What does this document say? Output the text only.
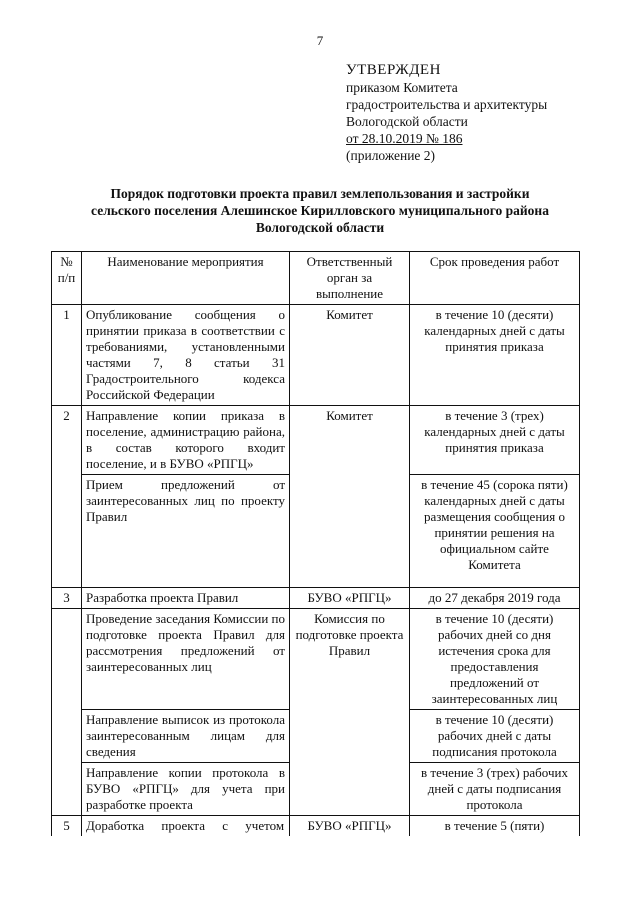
7
УТВЕРЖДЕН
приказом Комитета
градостроительства и архитектуры
Вологодской области
от 28.10.2019 № 186
(приложение 2)
Порядок подготовки проекта правил землепользования и застройки
сельского поселения Алешинское Кирилловского муниципального района
Вологодской области
№ п/п	Наименование мероприятия	Ответственный орган за выполнение	Срок проведения работ
1	Опубликование сообщения о принятии приказа в соответствии с требованиями, установленными частями 7, 8 статьи 31 Градостроительного кодекса Российской Федерации	Комитет	в течение 10 (десяти) календарных дней с даты принятия приказа
2	Направление копии приказа в поселение, администрацию района, в состав которого входит поселение, и в БУВО «РПГЦ»	Комитет	в течение 3 (трех) календарных дней с даты принятия приказа
	Прием предложений от заинтересованных лиц по проекту Правил		в течение 45 (сорока пяти) календарных дней с даты размещения сообщения о принятии решения на официальном сайте Комитета
3	Разработка проекта Правил	БУВО «РПГЦ»	до 27 декабря 2019 года
	Проведение заседания Комиссии по подготовке проекта Правил для рассмотрения предложений от заинтересованных лиц	Комиссия по подготовке проекта Правил	в течение 10 (десяти) рабочих дней со дня истечения срока для предоставления предложений от заинтересованных лиц
	Направление выписок из протокола заинтересованным лицам для сведения		в течение 10 (десяти) рабочих дней с даты подписания протокола
	Направление копии протокола в БУВО «РПГЦ» для учета при разработке проекта		в течение 3 (трех) рабочих дней с даты подписания протокола
5	Доработка проекта с учетом	БУВО «РПГЦ»	в течение 5 (пяти)
